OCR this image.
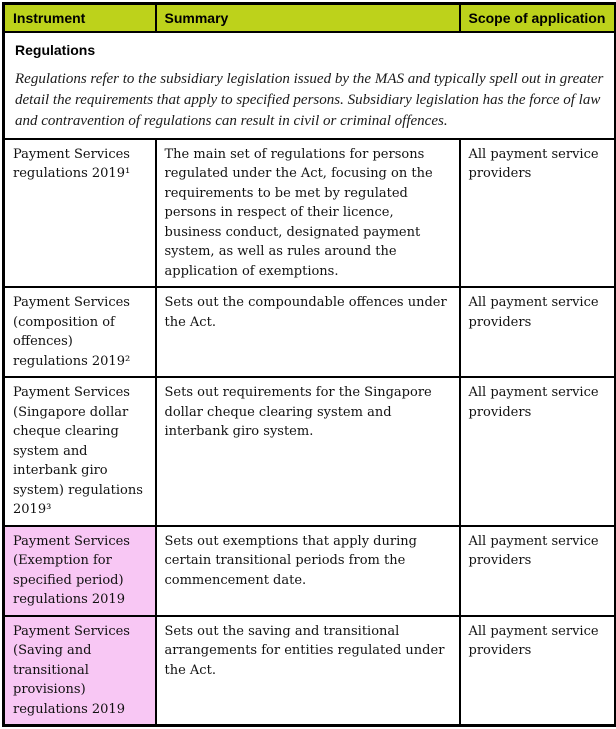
Instrument	Summary	Scope of application

Regulations
Regulations refer to the subsidiary legislation issued by the MAS and typically spell out in greater detail the requirements that apply to specified persons. Subsidiary legislation has the force of law and contravention of regulations can result in civil or criminal offences.		

Payment Services regulations 2019¹	The main set of regulations for persons regulated under the Act, focusing on the requirements to be met by regulated persons in respect of their licence, business conduct, designated payment system, as well as rules around the application of exemptions.	All payment service providers
Payment Services (composition of offences) regulations 2019²	Sets out the compoundable offences under the Act.	All payment service providers
Payment Services (Singapore dollar cheque clearing system and interbank giro system) regulations 2019³	Sets out requirements for the Singapore dollar cheque clearing system and interbank giro system.	All payment service providers
Payment Services (Exemption for specified period) regulations 2019	Sets out exemptions that apply during certain transitional periods from the commencement date.	All payment service providers
Payment Services (Saving and transitional provisions) regulations 2019	Sets out the saving and transitional arrangements for entities regulated under the Act.	All payment service providers
